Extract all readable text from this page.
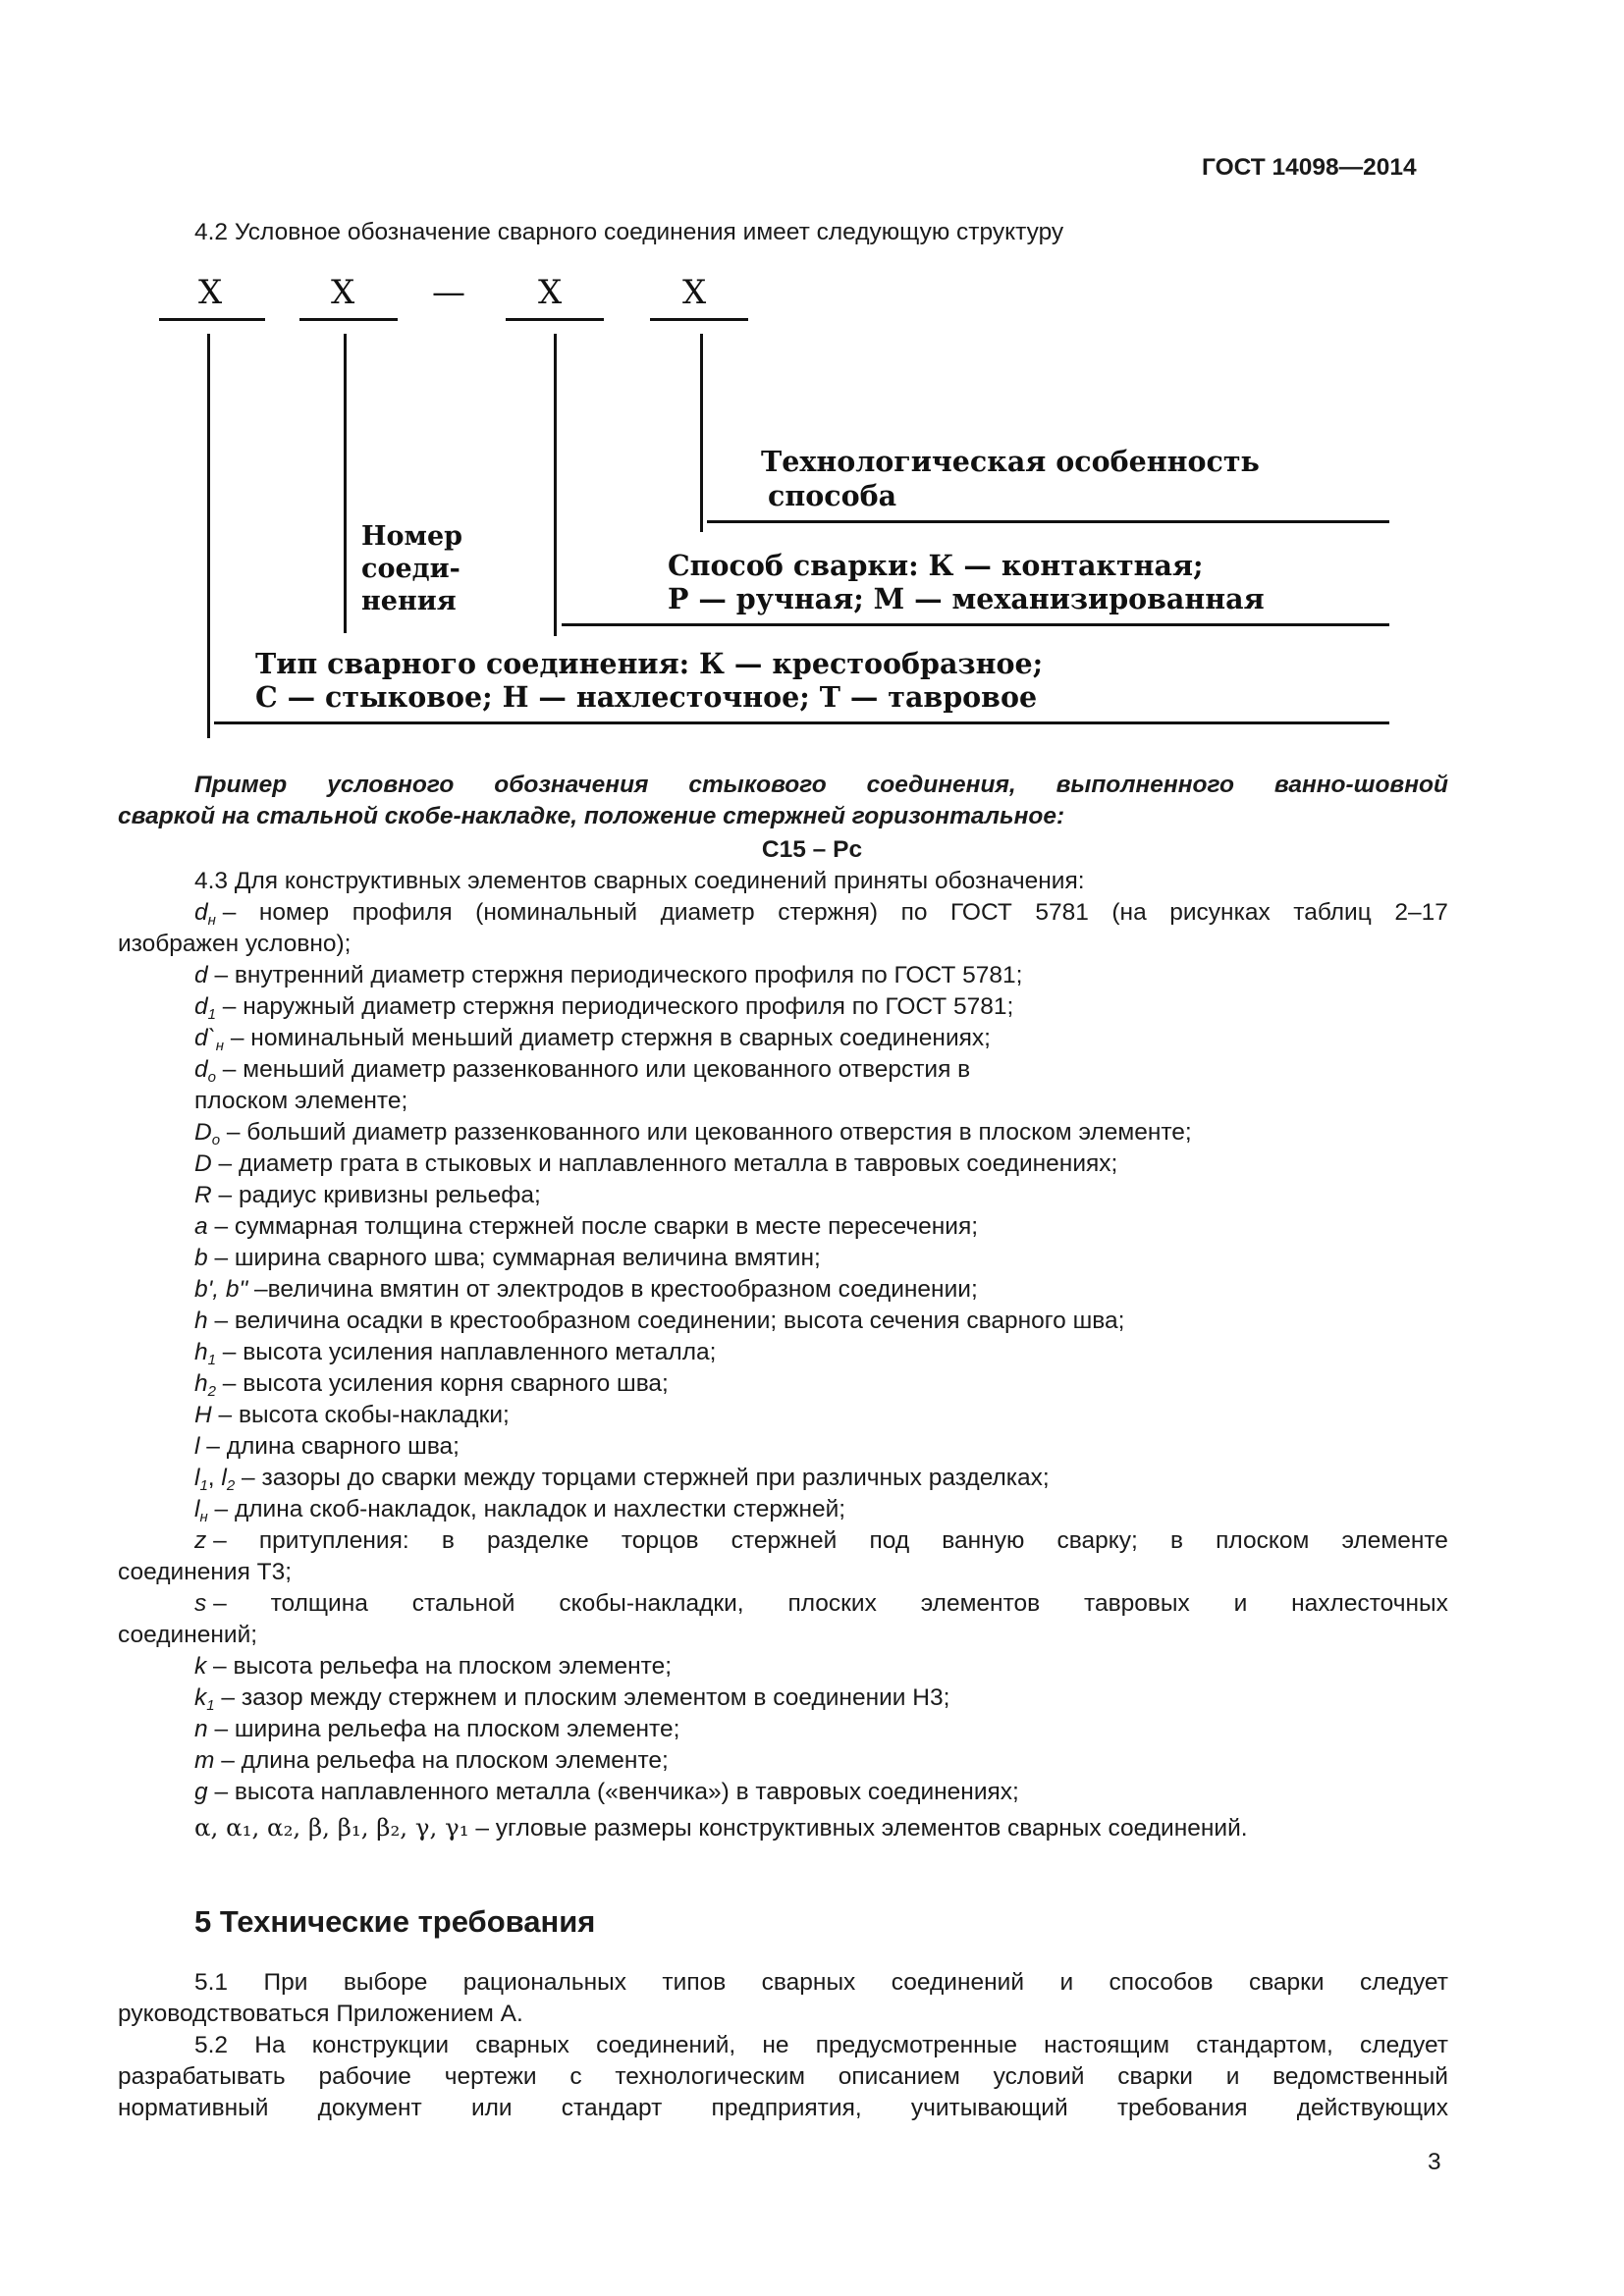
ГОСТ 14098—2014
4.2 Условное обозначение сварного соединения имеет следующую структуру
Х	Х — Х	Х
Технологическая особенность
способа
Номер
соеди-
нения
Способ сварки: К — контактная;
Р — ручная; М — механизированная
Тип сварного соединения: К — крестообразное;
С — стыковое; Н — нахлесточное; Т — тавровое
Пример условного обозначения стыкового соединения, выполненного ванно-шовной
сваркой на стальной скобе-накладке, положение стержней горизонтальное:
С15 – Рс
4.3 Для конструктивных элементов сварных соединений приняты обозначения:
$d_н$ – номер профиля (номинальный диаметр стержня) по ГОСТ 5781 (на рисунках таблиц 2–17
изображен условно);
d – внутренний диаметр стержня периодического профиля по ГОСТ 5781;
$d_1$ – наружный диаметр стержня периодического профиля по ГОСТ 5781;
$d`_н$ – номинальный меньший диаметр стержня в сварных соединениях;
$d_o$ – меньший диаметр раззенкованного или цекованного отверстия в
плоском элементе;
$D_o$ – больший диаметр раззенкованного или цекованного отверстия в плоском элементе;
D – диаметр грата в стыковых и наплавленного металла в тавровых соединениях;
R – радиус кривизны рельефа;
a – суммарная толщина стержней после сварки в месте пересечения;
b – ширина сварного шва; суммарная величина вмятин;
b', b" –величина вмятин от электродов в крестообразном соединении;
h – величина осадки в крестообразном соединении; высота сечения сварного шва;
$h_1$ – высота усиления наплавленного металла;
$h_2$ – высота усиления корня сварного шва;
H – высота скобы-накладки;
l – длина сварного шва;
$l_1$, $l_2$ – зазоры до сварки между торцами стержней при различных разделках;
$l_н$ – длина скоб-накладок, накладок и нахлестки стержней;
z – притупления: в разделке торцов стержней под ванную сварку; в плоском элементе
соединения Т3;
s – толщина стальной скобы-накладки, плоских элементов тавровых и нахлесточных
соединений;
k – высота рельефа на плоском элементе;
$k_1$ – зазор между стержнем и плоским элементом в соединении Н3;
n – ширина рельефа на плоском элементе;
m – длина рельефа на плоском элементе;
g – высота наплавленного металла («венчика») в тавровых соединениях;
α, α₁, α₂, β, β₁, β₂, γ, γ₁ – угловые размеры конструктивных элементов сварных соединений.
5 Технические требования
5.1 При выборе рациональных типов сварных соединений и способов сварки следует
руководствоваться Приложением А.
5.2 На конструкции сварных соединений, не предусмотренные настоящим стандартом, следует
разрабатывать рабочие чертежи с технологическим описанием условий сварки и ведомственный
нормативный документ или стандарт предприятия, учитывающий требования действующих
3
